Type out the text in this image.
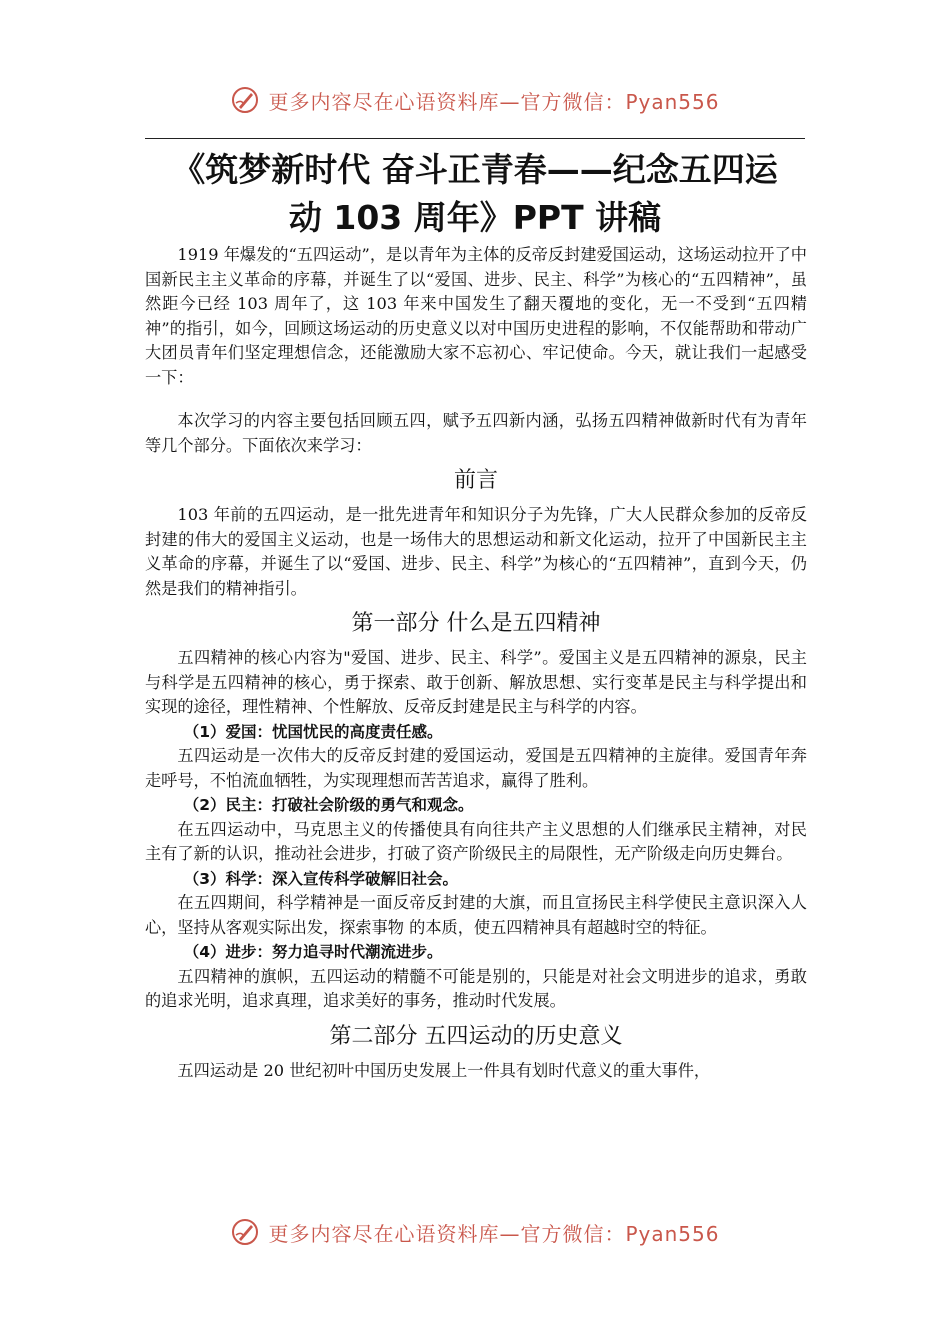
更多内容尽在心语资料库—官方微信：Pyan556
《筑梦新时代 奋斗正青春——纪念五四运
动 103 周年》PPT 讲稿

1919 年爆发的“五四运动”，是以青年为主体的反帝反封建爱国运动，这场运动拉开了中国新民主主义革命的序幕，并诞生了以“爱国、进步、民主、科学”为核心的“五四精神”，虽然距今已经 103 周年了，这 103 年来中国发生了翻天覆地的变化，无一不受到“五四精神”的指引，如今，回顾这场运动的历史意义以对中国历史进程的影响，不仅能帮助和带动广大团员青年们坚定理想信念，还能激励大家不忘初心、牢记使命。今天，就让我们一起感受一下：

本次学习的内容主要包括回顾五四，赋予五四新内涵，弘扬五四精神做新时代有为青年等几个部分。下面依次来学习：

前言

103 年前的五四运动，是一批先进青年和知识分子为先锋，广大人民群众参加的反帝反封建的伟大的爱国主义运动，也是一场伟大的思想运动和新文化运动，拉开了中国新民主主义革命的序幕，并诞生了以“爱国、进步、民主、科学”为核心的“五四精神”，直到今天，仍然是我们的精神指引。

第一部分 什么是五四精神

五四精神的核心内容为"爱国、进步、民主、科学”。爱国主义是五四精神的源泉，民主与科学是五四精神的核心，勇于探索、敢于创新、解放思想、实行变革是民主与科学提出和实现的途径，理性精神、个性解放、反帝反封建是民主与科学的内容。

（1）爱国：忧国忧民的高度责任感。

五四运动是一次伟大的反帝反封建的爱国运动，爱国是五四精神的主旋律。爱国青年奔走呼号，不怕流血牺牲，为实现理想而苦苦追求，赢得了胜利。

（2）民主：打破社会阶级的勇气和观念。

在五四运动中，马克思主义的传播使具有向往共产主义思想的人们继承民主精神，对民主有了新的认识，推动社会进步，打破了资产阶级民主的局限性，无产阶级走向历史舞台。

（3）科学：深入宣传科学破解旧社会。

在五四期间，科学精神是一面反帝反封建的大旗，而且宣扬民主科学使民主意识深入人心，坚持从客观实际出发，探索事物 的本质，使五四精神具有超越时空的特征。

（4）进步：努力追寻时代潮流进步。

五四精神的旗帜，五四运动的精髓不可能是别的，只能是对社会文明进步的追求，勇敢的追求光明，追求真理，追求美好的事务，推动时代发展。

第二部分 五四运动的历史意义

五四运动是 20 世纪初叶中国历史发展上一件具有划时代意义的重大事件，

更多内容尽在心语资料库—官方微信：Pyan556
